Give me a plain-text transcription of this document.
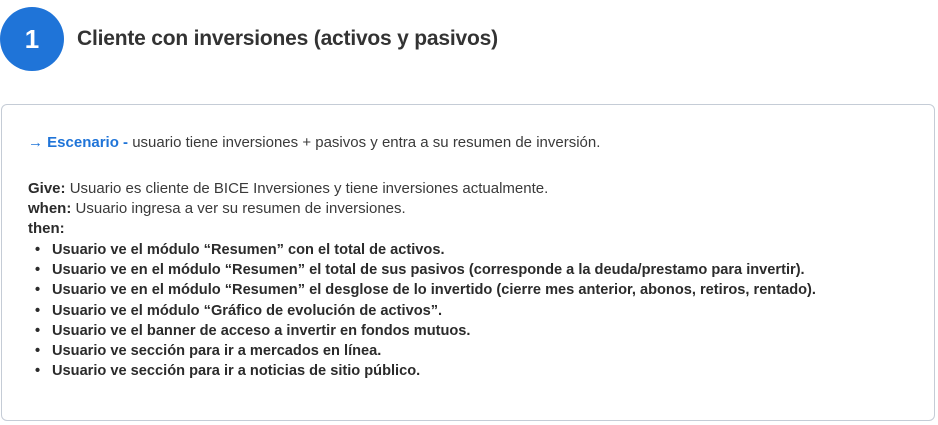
1	Cliente con inversiones (activos y pasivos)
→ Escenario - usuario tiene inversiones + pasivos y entra a su resumen de inversión.
Give: Usuario es cliente de BICE Inversiones y tiene inversiones actualmente.
when: Usuario ingresa a ver su resumen de inversiones.
then:
• Usuario ve el módulo “Resumen” con el total de activos.
• Usuario ve en el módulo “Resumen” el total de sus pasivos (corresponde a la deuda/prestamo para invertir).
• Usuario ve en el módulo “Resumen” el desglose de lo invertido (cierre mes anterior, abonos, retiros, rentado).
• Usuario ve el módulo “Gráfico de evolución de activos”.
• Usuario ve el banner de acceso a invertir en fondos mutuos.
• Usuario ve sección para ir a mercados en línea.
• Usuario ve sección para ir a noticias de sitio público.
